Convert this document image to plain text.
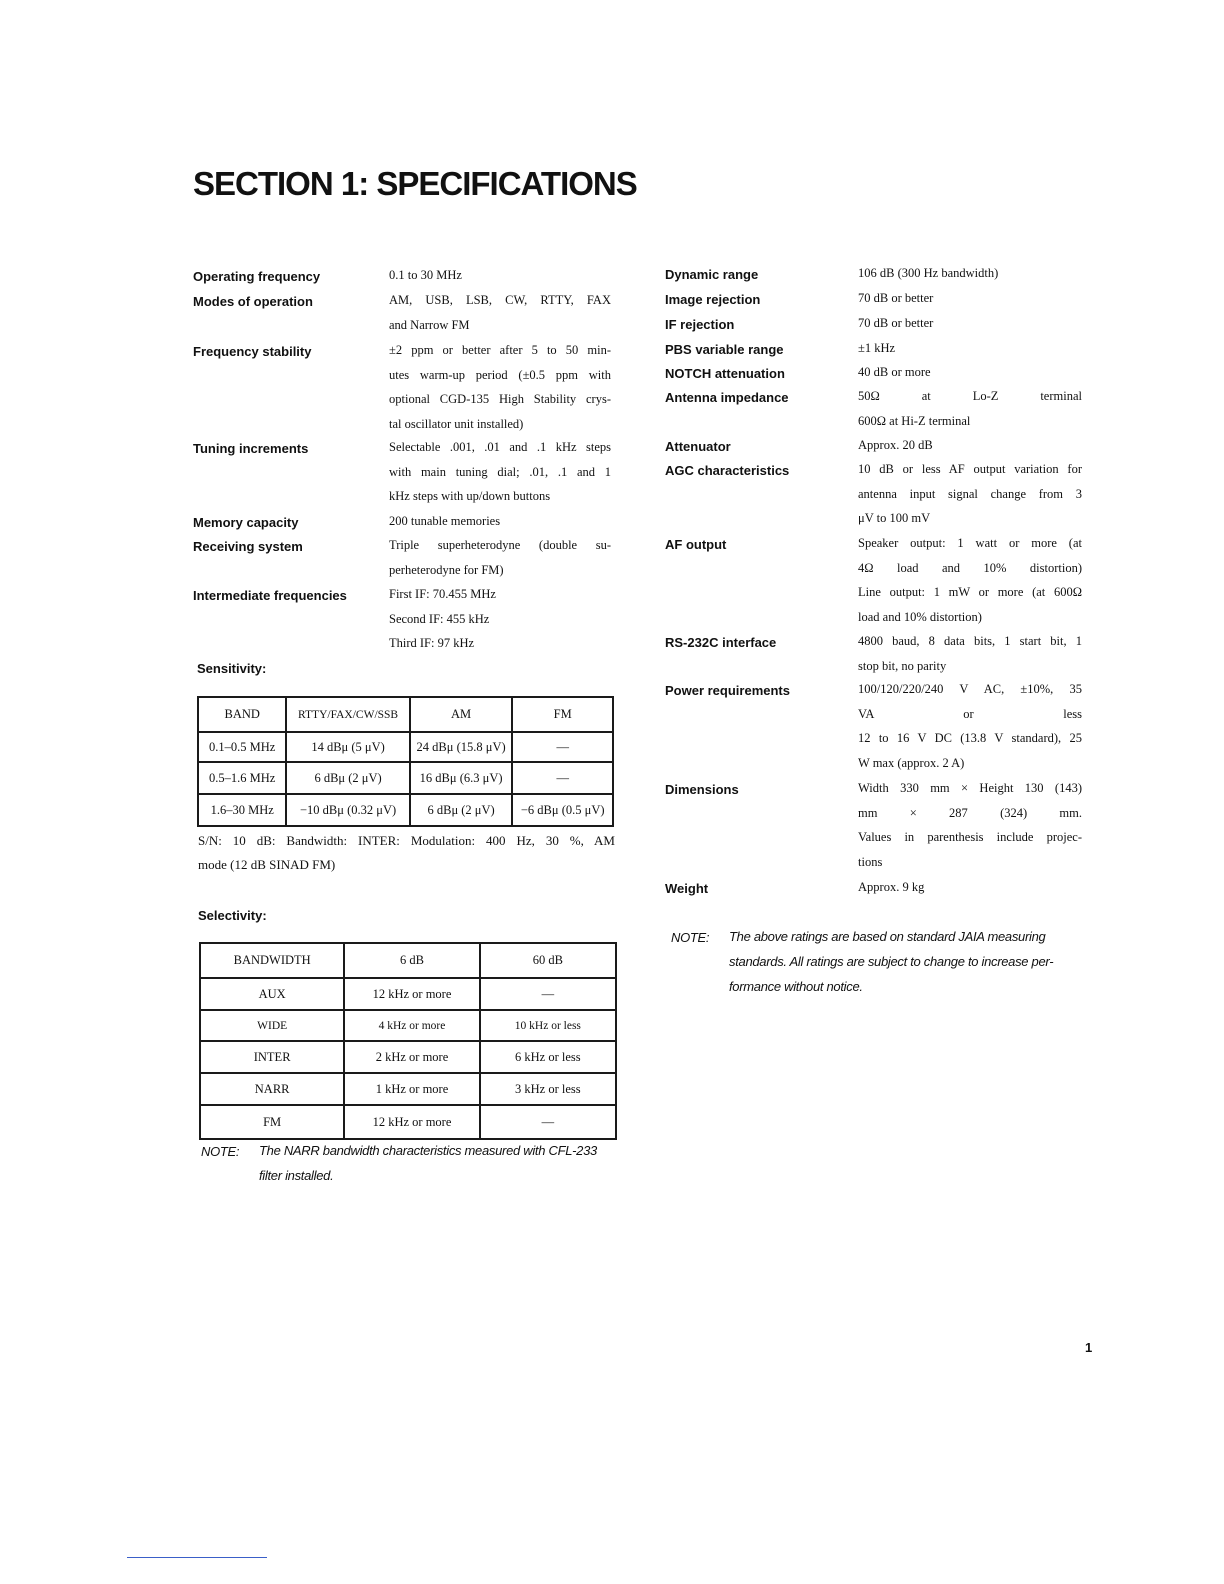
SECTION 1: SPECIFICATIONS
Operating frequency	0.1 to 30 MHz
Modes of operation	AM, USB, LSB, CW, RTTY, FAX
and Narrow FM
Frequency stability	±2 ppm or better after 5 to 50 min-
utes warm-up period (±0.5 ppm with
optional CGD-135 High Stability crys-
tal oscillator unit installed)
Tuning increments	Selectable .001, .01 and .1 kHz steps
with main tuning dial; .01, .1 and 1
kHz steps with up/down buttons
Memory capacity	200 tunable memories
Receiving system	Triple superheterodyne (double su-
perheterodyne for FM)
Intermediate frequencies	First IF: 70.455 MHz
Second IF: 455 kHz
Third IF: 97 kHz
Dynamic range	106 dB (300 Hz bandwidth)
Image rejection	70 dB or better
IF rejection	70 dB or better
PBS variable range	±1 kHz
NOTCH attenuation	40 dB or more
Antenna impedance	50Ω at Lo-Z terminal
600Ω at Hi-Z terminal
Attenuator	Approx. 20 dB
AGC characteristics	10 dB or less AF output variation for
antenna input signal change from 3
μV to 100 mV
AF output	Speaker output: 1 watt or more (at
4Ω load and 10% distortion)
Line output: 1 mW or more (at 600Ω
load and 10% distortion)
RS-232C interface	4800 baud, 8 data bits, 1 start bit, 1
stop bit, no parity
Power requirements	100/120/220/240 V AC, ±10%, 35
VA or less
12 to 16 V DC (13.8 V standard), 25
W max (approx. 2 A)
Dimensions	Width 330 mm × Height 130 (143)
mm × 287 (324) mm.
Values in parenthesis include projec-
tions
Weight	Approx. 9 kg
Sensitivity:
BAND	RTTY/FAX/CW/SSB	AM	FM
0.1–0.5 MHz	14 dBμ (5 μV)	24 dBμ (15.8 μV)	—
0.5–1.6 MHz	6 dBμ (2 μV)	16 dBμ (6.3 μV)	—
1.6–30 MHz	−10 dBμ (0.32 μV)	6 dBμ (2 μV)	−6 dBμ (0.5 μV)
S/N: 10 dB: Bandwidth: INTER: Modulation: 400 Hz, 30 %, AM
mode (12 dB SINAD FM)
Selectivity:
BANDWIDTH	6 dB	60 dB
AUX	12 kHz or more	—
WIDE	4 kHz or more	10 kHz or less
INTER	2 kHz or more	6 kHz or less
NARR	1 kHz or more	3 kHz or less
FM	12 kHz or more	—
NOTE: The NARR bandwidth characteristics measured with CFL-233
filter installed.
NOTE: The above ratings are based on standard JAIA measuring
standards. All ratings are subject to change to increase per-
formance without notice.
1
